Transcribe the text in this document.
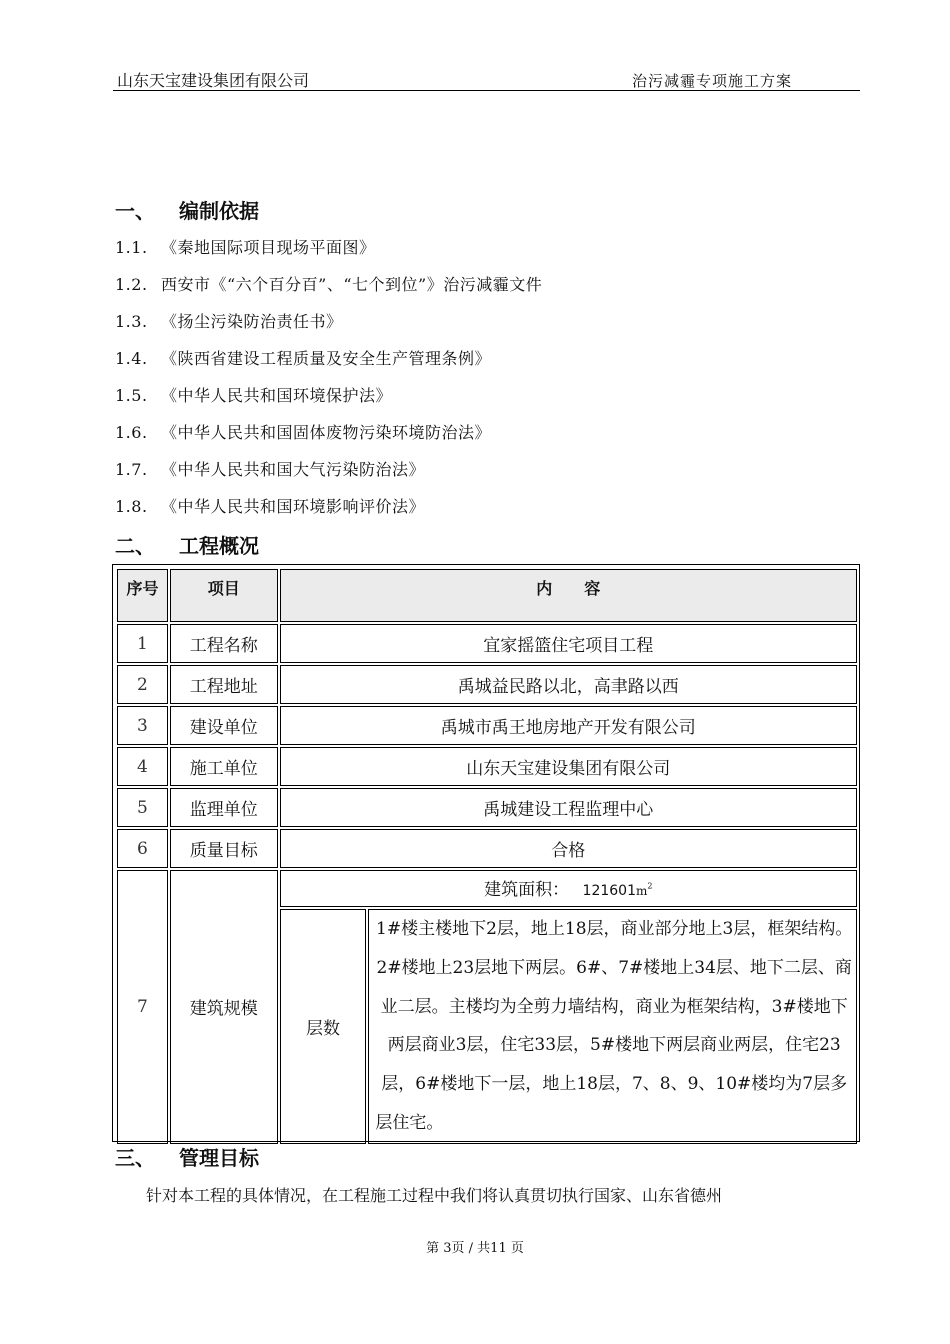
山东天宝建设集团有限公司	治污减霾专项施工方案
一、 编制依据
1.1. 《秦地国际项目现场平面图》
1.2. 西安市《“六个百分百”、“七个到位”》治污减霾文件
1.3. 《扬尘污染防治责任书》
1.4. 《陕西省建设工程质量及安全生产管理条例》
1.5. 《中华人民共和国环境保护法》
1.6. 《中华人民共和国固体废物污染环境防治法》
1.7. 《中华人民共和国大气污染防治法》
1.8. 《中华人民共和国环境影响评价法》
二、 工程概况
序号	项目	内　　容	
1	工程名称	宜家摇篮住宅项目工程	
2	工程地址	禹城益民路以北，高聿路以西	
3	建设单位	禹城市禹王地房地产开发有限公司	
4	施工单位	山东天宝建设集团有限公司	
5	监理单位	禹城建设工程监理中心	
6	质量目标	合格	
7	建筑规模	建筑面积： $121601m^2$
		层数	1#楼主楼地下2层，地上18层，商业部分地上3层，框架结构。2#楼地上23层地下两层。6#、7#楼地上34层、地下二层、商业二层。主楼均为全剪力墙结构，商业为框架结构，3#楼地下两层商业3层，住宅33层，5#楼地下两层商业两层，住宅23层，6#楼地下一层，地上18层，7、8、9、10#楼均为7层多层住宅。
三、 管理目标
针对本工程的具体情况，在工程施工过程中我们将认真贯切执行国家、山东省德州
第 3页 / 共11 页
